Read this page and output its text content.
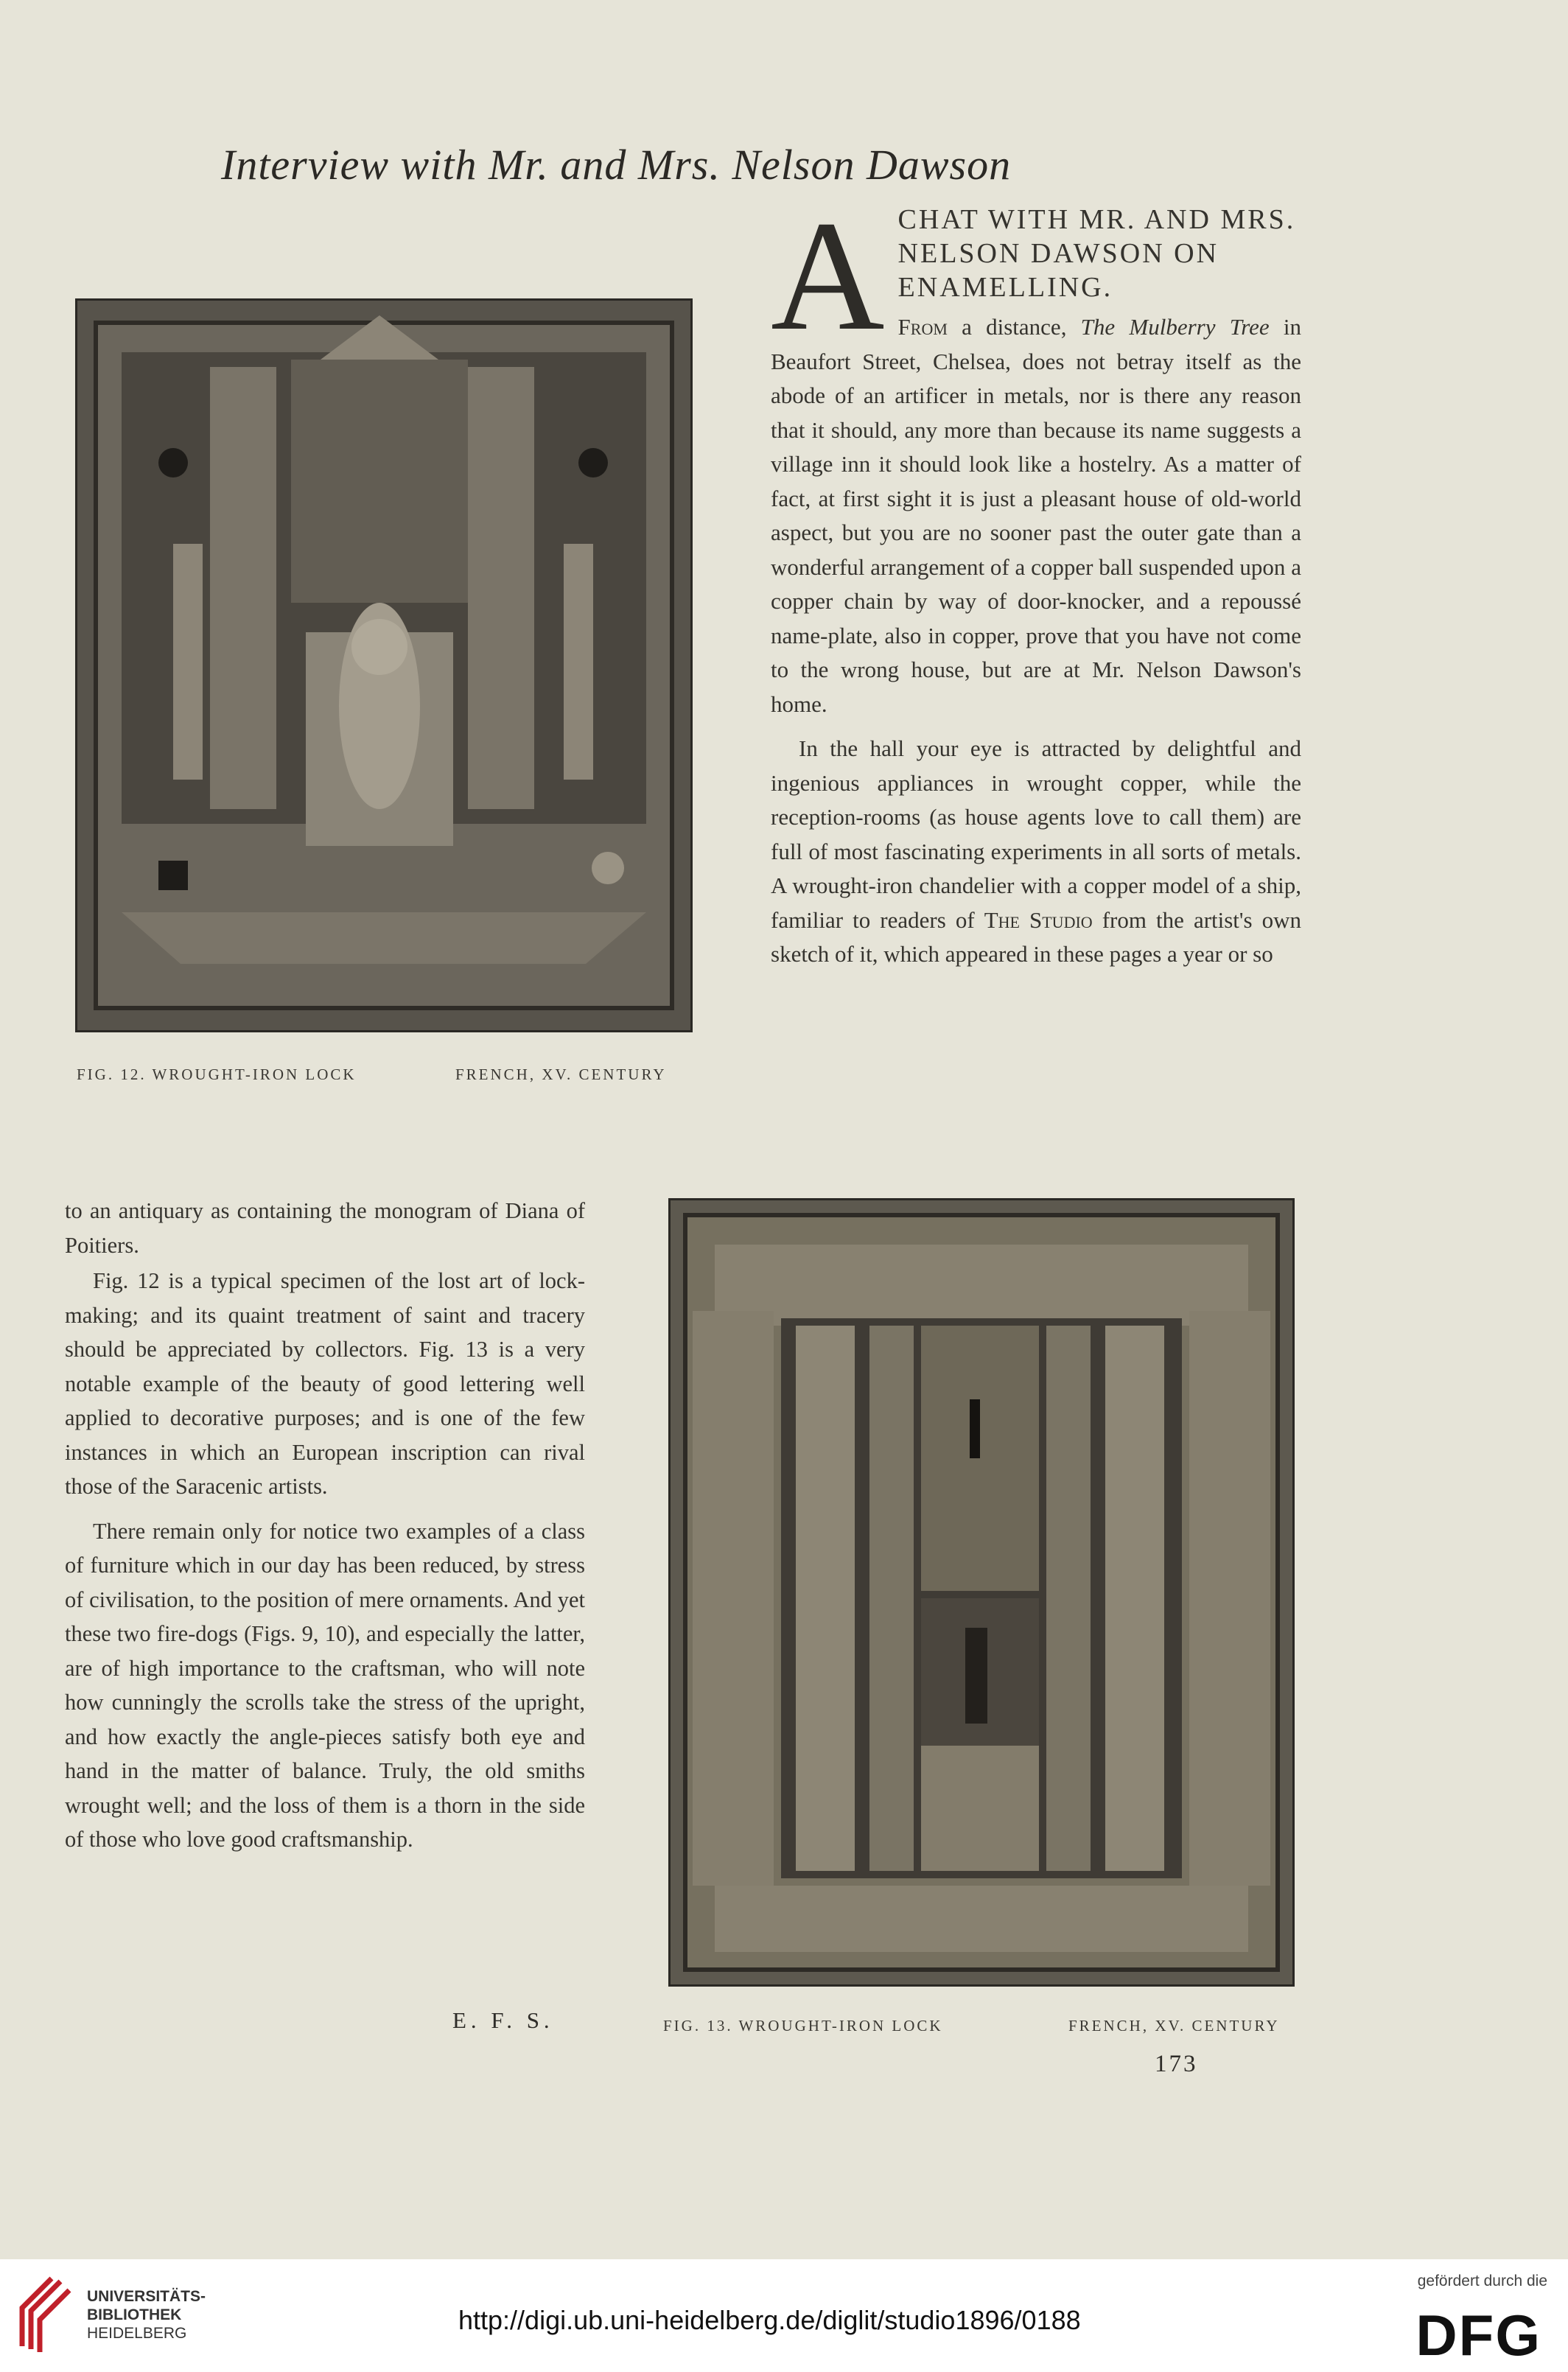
Interview with Mr. and Mrs. Nelson Dawson
FIG. 12. WROUGHT-IRON LOCK	FRENCH, XV. CENTURY
A CHAT WITH MR. AND MRS. NELSON DAWSON ON ENAMELLING.

From a distance, The Mulberry Tree in Beaufort Street, Chelsea, does not betray itself as the abode of an artificer in metals, nor is there any reason that it should, any more than because its name suggests a village inn it should look like a hostelry. As a matter of fact, at first sight it is just a pleasant house of old-world aspect, but you are no sooner past the outer gate than a wonderful arrangement of a copper ball suspended upon a copper chain by way of door-knocker, and a repoussé name-plate, also in copper, prove that you have not come to the wrong house, but are at Mr. Nelson Dawson's home.

In the hall your eye is attracted by delightful and ingenious appliances in wrought copper, while the reception-rooms (as house agents love to call them) are full of most fascinating experiments in all sorts of metals. A wrought-iron chandelier with a copper model of a ship, familiar to readers of The Studio from the artist's own sketch of it, which appeared in these pages a year or so

to an antiquary as containing the monogram of Diana of Poitiers.

Fig. 12 is a typical specimen of the lost art of lock-making; and its quaint treatment of saint and tracery should be appreciated by collectors. Fig. 13 is a very notable example of the beauty of good lettering well applied to decorative purposes; and is one of the few instances in which an European inscription can rival those of the Saracenic artists.

There remain only for notice two examples of a class of furniture which in our day has been reduced, by stress of civilisation, to the position of mere ornaments. And yet these two fire-dogs (Figs. 9, 10), and especially the latter, are of high importance to the craftsman, who will note how cunningly the scrolls take the stress of the upright, and how exactly the angle-pieces satisfy both eye and hand in the matter of balance. Truly, the old smiths wrought well; and the loss of them is a thorn in the side of those who love good craftsmanship.

E. F. S.	FIG. 13. WROUGHT-IRON LOCK	FRENCH, XV. CENTURY
173
UNIVERSITÄTS-
BIBLIOTHEK
HEIDELBERG	http://digi.ub.uni-heidelberg.de/diglit/studio1896/0188
gefördert durch die
DFG
